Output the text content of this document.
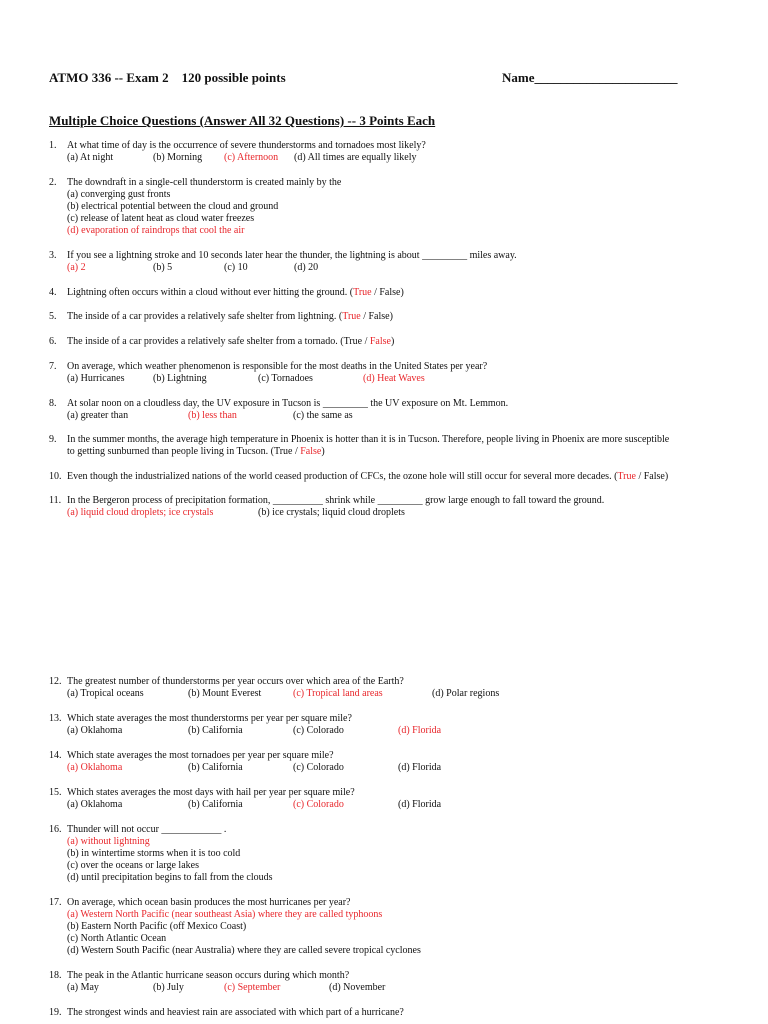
ATMO 336 -- Exam 2    120 possible points	Name______________________
Multiple Choice Questions (Answer All 32 Questions) -- 3 Points Each
1. At what time of day is the occurrence of severe thunderstorms and tornadoes most likely?
(a) At night	(b) Morning (c) Afternoon (d) All times are equally likely
2. The downdraft in a single-cell thunderstorm is created mainly by the
(a) converging gust fronts
(b) electrical potential between the cloud and ground
(c) release of latent heat as cloud water freezes
(d) evaporation of raindrops that cool the air
3. If you see a lightning stroke and 10 seconds later hear the thunder, the lightning is about _________ miles away.
(a) 2	(b) 5	(c) 10	(d) 20
4. Lightning often occurs within a cloud without ever hitting the ground. (True / False)
5. The inside of a car provides a relatively safe shelter from lightning. (True / False)
6. The inside of a car provides a relatively safe shelter from a tornado. (True / False)
7. On average, which weather phenomenon is responsible for the most deaths in the United States per year?
(a) Hurricanes	(b) Lightning	(c) Tornadoes	(d) Heat Waves
8. At solar noon on a cloudless day, the UV exposure in Tucson is _________ the UV exposure on Mt. Lemmon.
(a) greater than	(b) less than	(c) the same as
9. In the summer months, the average high temperature in Phoenix is hotter than it is in Tucson. Therefore, people living in Phoenix are more susceptible
to getting sunburned than people living in Tucson. (True / False)
10. Even though the industrialized nations of the world ceased production of CFCs, the ozone hole will still occur for several more decades. (True / False)
11. In the Bergeron process of precipitation formation, __________ shrink while _________ grow large enough to fall toward the ground.
(a) liquid cloud droplets; ice crystals	(b) ice crystals; liquid cloud droplets
12. The greatest number of thunderstorms per year occurs over which area of the Earth?
(a) Tropical oceans	(b) Mount Everest	(c) Tropical land areas	(d) Polar regions
13. Which state averages the most thunderstorms per year per square mile?
(a) Oklahoma	(b) California	(c) Colorado	(d) Florida
14. Which state averages the most tornadoes per year per square mile?
(a) Oklahoma	(b) California	(c) Colorado	(d) Florida
15. Which states averages the most days with hail per year per square mile?
(a) Oklahoma	(b) California	(c) Colorado	(d) Florida
16. Thunder will not occur ____________ .
(a) without lightning
(b) in wintertime storms when it is too cold
(c) over the oceans or large lakes
(d) until precipitation begins to fall from the clouds
17. On average, which ocean basin produces the most hurricanes per year?
(a) Western North Pacific (near southeast Asia) where they are called typhoons
(b) Eastern North Pacific (off Mexico Coast)
(c) North Atlantic Ocean
(d) Western South Pacific (near Australia) where they are called severe tropical cyclones
18. The peak in the Atlantic hurricane season occurs during which month?
(a) May	(b) July	(c) September	(d) November
19. The strongest winds and heaviest rain are associated with which part of a hurricane?
